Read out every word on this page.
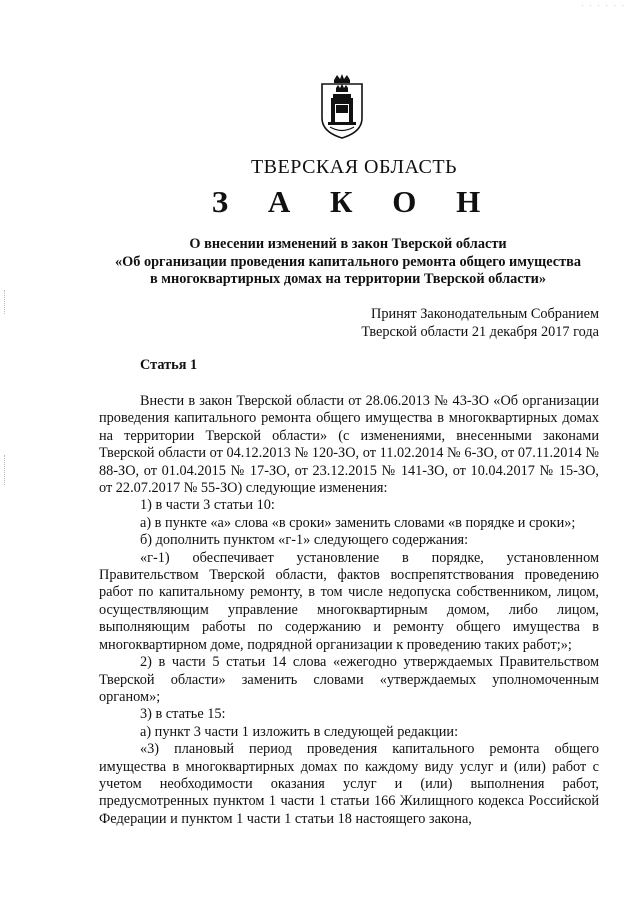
· · · · · ·
ТВЕРСКАЯ ОБЛАСТЬ
З А К О Н
О внесении изменений в закон Тверской области
«Об организации проведения капитального ремонта общего имущества
в многоквартирных домах на территории Тверской области»
Принят Законодательным Собранием
Тверской области 21 декабря 2017 года
Статья 1

Внести в закон Тверской области от 28.06.2013 № 43-ЗО «Об организации проведения капитального ремонта общего имущества в многоквартирных домах на территории Тверской области» (с изменениями, внесенными законами Тверской области от 04.12.2013 № 120-ЗО, от 11.02.2014 № 6-ЗО, от 07.11.2014 № 88-ЗО, от 01.04.2015 № 17-ЗО, от 23.12.2015 № 141-ЗО, от 10.04.2017 № 15-ЗО, от 22.07.2017 № 55-ЗО) следующие изменения:

1) в части 3 статьи 10:

а) в пункте «а» слова «в сроки» заменить словами «в порядке и сроки»;

б) дополнить пунктом «г-1» следующего содержания:

«г-1) обеспечивает установление в порядке, установленном Правительством Тверской области, фактов воспрепятствования проведению работ по капитальному ремонту, в том числе недопуска собственником, лицом, осуществляющим управление многоквартирным домом, либо лицом, выполняющим работы по содержанию и ремонту общего имущества в многоквартирном доме, подрядной организации к проведению таких работ;»;

2) в части 5 статьи 14 слова «ежегодно утверждаемых Правительством Тверской области» заменить словами «утверждаемых уполномоченным органом»;

3) в статье 15:

а) пункт 3 части 1 изложить в следующей редакции:

«3) плановый период проведения капитального ремонта общего имущества в многоквартирных домах по каждому виду услуг и (или) работ с учетом необходимости оказания услуг и (или) выполнения работ, предусмотренных пунктом 1 части 1 статьи 166 Жилищного кодекса Российской Федерации и пунктом 1 части 1 статьи 18 настоящего закона,
